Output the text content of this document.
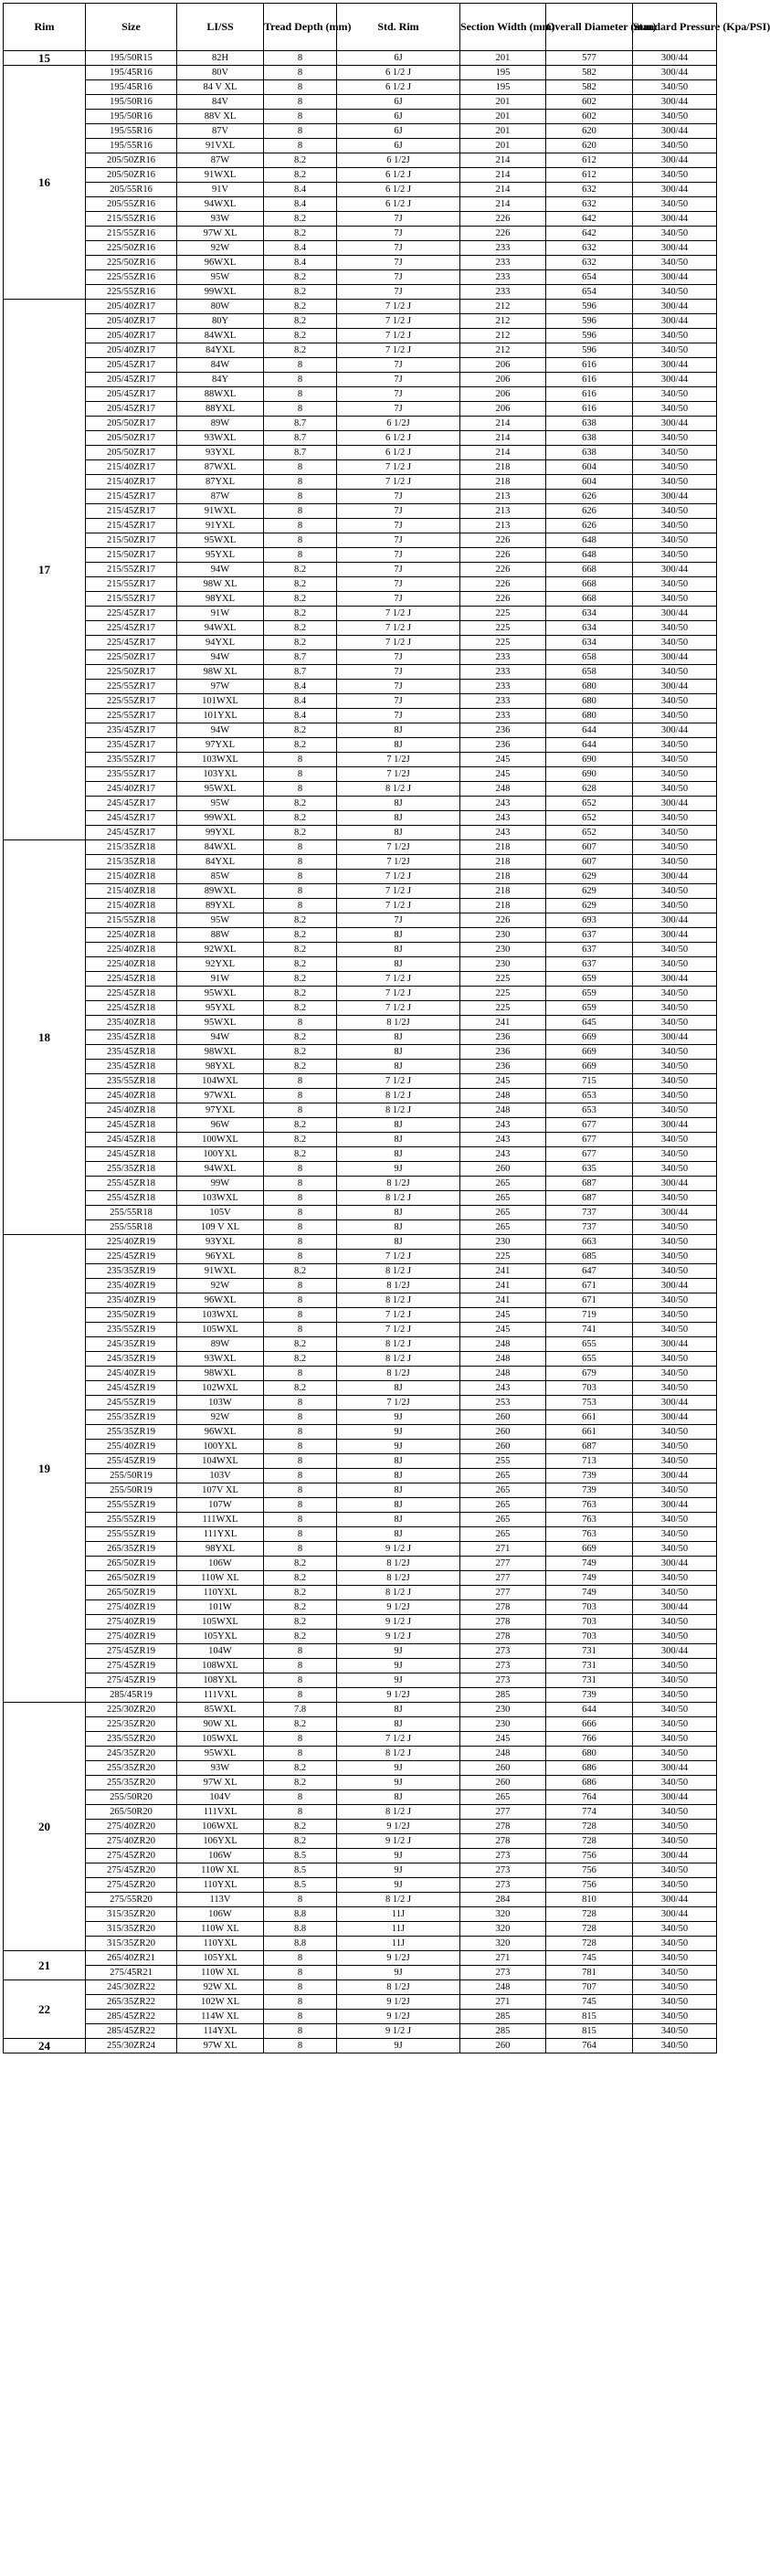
Rim	Size	LI/SS	Tread Depth (mm)	Std. Rim	Section Width (mm)	Overall Diameter (mm)	Standard Pressure (Kpa/PSI)
15	195/50R15	82H	8	6J	201	577	300/44
16	195/45R16	80V	8	6 1/2 J	195	582	300/44
	195/45R16	84 V XL	8	6 1/2 J	195	582	340/50
	195/50R16	84V	8	6J	201	602	300/44
	195/50R16	88V XL	8	6J	201	602	340/50
	195/55R16	87V	8	6J	201	620	300/44
	195/55R16	91VXL	8	6J	201	620	340/50
	205/50ZR16	87W	8.2	6 1/2J	214	612	300/44
	205/50ZR16	91WXL	8.2	6 1/2 J	214	612	340/50
	205/55R16	91V	8.4	6 1/2 J	214	632	300/44
	205/55ZR16	94WXL	8.4	6 1/2 J	214	632	340/50
	215/55ZR16	93W	8.2	7J	226	642	300/44
	215/55ZR16	97W XL	8.2	7J	226	642	340/50
	225/50ZR16	92W	8.4	7J	233	632	300/44
	225/50ZR16	96WXL	8.4	7J	233	632	340/50
	225/55ZR16	95W	8.2	7J	233	654	300/44
	225/55ZR16	99WXL	8.2	7J	233	654	340/50
17	205/40ZR17	80W	8.2	7 1/2 J	212	596	300/44
	205/40ZR17	80Y	8.2	7 1/2 J	212	596	300/44
	205/40ZR17	84WXL	8.2	7 1/2 J	212	596	340/50
	205/40ZR17	84YXL	8.2	7 1/2 J	212	596	340/50
	205/45ZR17	84W	8	7J	206	616	300/44
	205/45ZR17	84Y	8	7J	206	616	300/44
	205/45ZR17	88WXL	8	7J	206	616	340/50
	205/45ZR17	88YXL	8	7J	206	616	340/50
	205/50ZR17	89W	8.7	6 1/2J	214	638	300/44
	205/50ZR17	93WXL	8.7	6 1/2 J	214	638	340/50
	205/50ZR17	93YXL	8.7	6 1/2 J	214	638	340/50
	215/40ZR17	87WXL	8	7 1/2 J	218	604	340/50
	215/40ZR17	87YXL	8	7 1/2 J	218	604	340/50
	215/45ZR17	87W	8	7J	213	626	300/44
	215/45ZR17	91WXL	8	7J	213	626	340/50
	215/45ZR17	91YXL	8	7J	213	626	340/50
	215/50ZR17	95WXL	8	7J	226	648	340/50
	215/50ZR17	95YXL	8	7J	226	648	340/50
	215/55ZR17	94W	8.2	7J	226	668	300/44
	215/55ZR17	98W XL	8.2	7J	226	668	340/50
	215/55ZR17	98YXL	8.2	7J	226	668	340/50
	225/45ZR17	91W	8.2	7 1/2 J	225	634	300/44
	225/45ZR17	94WXL	8.2	7 1/2 J	225	634	340/50
	225/45ZR17	94YXL	8.2	7 1/2 J	225	634	340/50
	225/50ZR17	94W	8.7	7J	233	658	300/44
	225/50ZR17	98W XL	8.7	7J	233	658	340/50
	225/55ZR17	97W	8.4	7J	233	680	300/44
	225/55ZR17	101WXL	8.4	7J	233	680	340/50
	225/55ZR17	101YXL	8.4	7J	233	680	340/50
	235/45ZR17	94W	8.2	8J	236	644	300/44
	235/45ZR17	97YXL	8.2	8J	236	644	340/50
	235/55ZR17	103WXL	8	7 1/2J	245	690	340/50
	235/55ZR17	103YXL	8	7 1/2J	245	690	340/50
	245/40ZR17	95WXL	8	8 1/2 J	248	628	340/50
	245/45ZR17	95W	8.2	8J	243	652	300/44
	245/45ZR17	99WXL	8.2	8J	243	652	340/50
	245/45ZR17	99YXL	8.2	8J	243	652	340/50
18	215/35ZR18	84WXL	8	7 1/2J	218	607	340/50
	215/35ZR18	84YXL	8	7 1/2J	218	607	340/50
	215/40ZR18	85W	8	7 1/2 J	218	629	300/44
	215/40ZR18	89WXL	8	7 1/2 J	218	629	340/50
	215/40ZR18	89YXL	8	7 1/2 J	218	629	340/50
	215/55ZR18	95W	8.2	7J	226	693	300/44
	225/40ZR18	88W	8.2	8J	230	637	300/44
	225/40ZR18	92WXL	8.2	8J	230	637	340/50
	225/40ZR18	92YXL	8.2	8J	230	637	340/50
	225/45ZR18	91W	8.2	7 1/2 J	225	659	300/44
	225/45ZR18	95WXL	8.2	7 1/2 J	225	659	340/50
	225/45ZR18	95YXL	8.2	7 1/2 J	225	659	340/50
	235/40ZR18	95WXL	8	8 1/2J	241	645	340/50
	235/45ZR18	94W	8.2	8J	236	669	300/44
	235/45ZR18	98WXL	8.2	8J	236	669	340/50
	235/45ZR18	98YXL	8.2	8J	236	669	340/50
	235/55ZR18	104WXL	8	7 1/2 J	245	715	340/50
	245/40ZR18	97WXL	8	8 1/2 J	248	653	340/50
	245/40ZR18	97YXL	8	8 1/2 J	248	653	340/50
	245/45ZR18	96W	8.2	8J	243	677	300/44
	245/45ZR18	100WXL	8.2	8J	243	677	340/50
	245/45ZR18	100YXL	8.2	8J	243	677	340/50
	255/35ZR18	94WXL	8	9J	260	635	340/50
	255/45ZR18	99W	8	8 1/2J	265	687	300/44
	255/45ZR18	103WXL	8	8 1/2 J	265	687	340/50
	255/55R18	105V	8	8J	265	737	300/44
	255/55R18	109 V XL	8	8J	265	737	340/50
19	225/40ZR19	93YXL	8	8J	230	663	340/50
	225/45ZR19	96YXL	8	7 1/2 J	225	685	340/50
	235/35ZR19	91WXL	8.2	8 1/2 J	241	647	340/50
	235/40ZR19	92W	8	8 1/2J	241	671	300/44
	235/40ZR19	96WXL	8	8 1/2 J	241	671	340/50
	235/50ZR19	103WXL	8	7 1/2 J	245	719	340/50
	235/55ZR19	105WXL	8	7 1/2 J	245	741	340/50
	245/35ZR19	89W	8.2	8 1/2 J	248	655	300/44
	245/35ZR19	93WXL	8.2	8 1/2 J	248	655	340/50
	245/40ZR19	98WXL	8	8 1/2J	248	679	340/50
	245/45ZR19	102WXL	8.2	8J	243	703	340/50
	245/55ZR19	103W	8	7 1/2J	253	753	300/44
	255/35ZR19	92W	8	9J	260	661	300/44
	255/35ZR19	96WXL	8	9J	260	661	340/50
	255/40ZR19	100YXL	8	9J	260	687	340/50
	255/45ZR19	104WXL	8	8J	255	713	340/50
	255/50R19	103V	8	8J	265	739	300/44
	255/50R19	107V XL	8	8J	265	739	340/50
	255/55ZR19	107W	8	8J	265	763	300/44
	255/55ZR19	111WXL	8	8J	265	763	340/50
	255/55ZR19	111YXL	8	8J	265	763	340/50
	265/35ZR19	98YXL	8	9 1/2 J	271	669	340/50
	265/50ZR19	106W	8.2	8 1/2J	277	749	300/44
	265/50ZR19	110W XL	8.2	8 1/2J	277	749	340/50
	265/50ZR19	110YXL	8.2	8 1/2 J	277	749	340/50
	275/40ZR19	101W	8.2	9 1/2J	278	703	300/44
	275/40ZR19	105WXL	8.2	9 1/2 J	278	703	340/50
	275/40ZR19	105YXL	8.2	9 1/2 J	278	703	340/50
	275/45ZR19	104W	8	9J	273	731	300/44
	275/45ZR19	108WXL	8	9J	273	731	340/50
	275/45ZR19	108YXL	8	9J	273	731	340/50
	285/45R19	111VXL	8	9 1/2J	285	739	340/50
20	225/30ZR20	85WXL	7.8	8J	230	644	340/50
	225/35ZR20	90W XL	8.2	8J	230	666	340/50
	235/55ZR20	105WXL	8	7 1/2 J	245	766	340/50
	245/35ZR20	95WXL	8	8 1/2 J	248	680	340/50
	255/35ZR20	93W	8.2	9J	260	686	300/44
	255/35ZR20	97W XL	8.2	9J	260	686	340/50
	255/50R20	104V	8	8J	265	764	300/44
	265/50R20	111VXL	8	8 1/2 J	277	774	340/50
	275/40ZR20	106WXL	8.2	9 1/2J	278	728	340/50
	275/40ZR20	106YXL	8.2	9 1/2 J	278	728	340/50
	275/45ZR20	106W	8.5	9J	273	756	300/44
	275/45ZR20	110W XL	8.5	9J	273	756	340/50
	275/45ZR20	110YXL	8.5	9J	273	756	340/50
	275/55R20	113V	8	8 1/2 J	284	810	300/44
	315/35ZR20	106W	8.8	11J	320	728	300/44
	315/35ZR20	110W XL	8.8	11J	320	728	340/50
	315/35ZR20	110YXL	8.8	11J	320	728	340/50
21	265/40ZR21	105YXL	8	9 1/2J	271	745	340/50
	275/45R21	110W XL	8	9J	273	781	340/50
22	245/30ZR22	92W XL	8	8 1/2J	248	707	340/50
	265/35ZR22	102W XL	8	9 1/2J	271	745	340/50
	285/45ZR22	114W XL	8	9 1/2J	285	815	340/50
	285/45ZR22	114YXL	8	9 1/2 J	285	815	340/50
24	255/30ZR24	97W XL	8	9J	260	764	340/50
